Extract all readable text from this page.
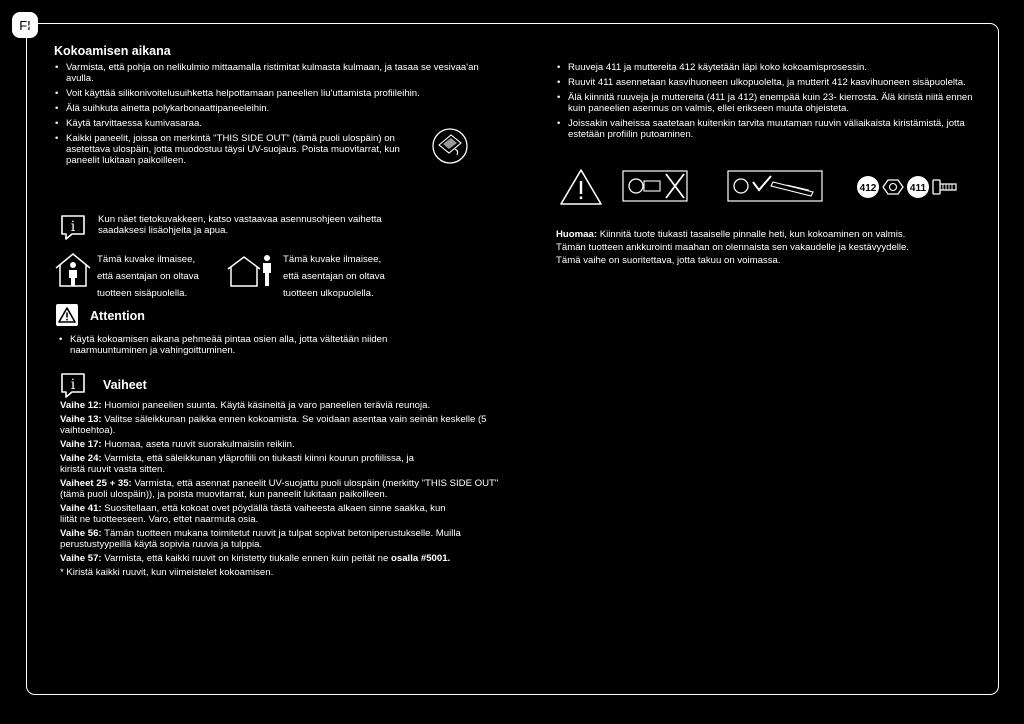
FI
Kokoamisen aikana
• Varmista, että pohja on nelikulmio mittaamalla ristimitat kulmasta kulmaan, ja tasaa se vesivaa'an avulla.
• Voit käyttää silikonivoitelusuihketta helpottamaan paneelien liu'uttamista profiileihin.
• Älä suihkuta ainetta polykarbonaattipaneeleihin.
• Käytä tarvittaessa kumivasaraa.
• Kaikki paneelit, joissa on merkintä "THIS SIDE OUT" (tämä puoli ulospäin) on asetettava ulospäin, jotta muodostuu täysi UV-suojaus. Poista muovitarrat, kun paneelit lukitaan paikoilleen.
i Kun näet tietokuvakkeen, katso vastaavaa asennusohjeen vaihetta saadaksesi lisäohjeita ja apua.
Tämä kuvake ilmaisee,
että asentajan on oltava
tuotteen sisäpuolella.
Tämä kuvake ilmaisee,
että asentajan on oltava
tuotteen ulkopuolella.
Attention
• Käytä kokoamisen aikana pehmeää pintaa osien alla, jotta vältetään niiden naarmuuntuminen ja vahingoittuminen.
i Vaiheet
Vaihe 12: Huomioi paneelien suunta. Käytä käsineitä ja varo paneelien teräviä reunoja.
Vaihe 13: Valitse säleikkunan paikka ennen kokoamista. Se voidaan asentaa vain seinän keskelle (5 vaihtoehtoa).
Vaihe 17: Huomaa, aseta ruuvit suorakulmaisiin reikiin.
Vaihe 24: Varmista, että säleikkunan yläprofiili on tiukasti kiinni kourun profiilissa, ja kiristä ruuvit vasta sitten.
Vaiheet 25 + 35: Varmista, että asennat paneelit UV-suojattu puoli ulospäin (merkitty "THIS SIDE OUT" (tämä puoli ulospäin)), ja poista muovitarrat, kun paneelit lukitaan paikoilleen.
Vaihe 41: Suositellaan, että kokoat ovet pöydällä tästä vaiheesta alkaen sinne saakka, kun liität ne tuotteeseen. Varo, ettet naarmuta osia.
Vaihe 56: Tämän tuotteen mukana toimitetut ruuvit ja tulpat sopivat betoniperustukselle. Muilla perustustyypeillä käytä sopivia ruuvia ja tulppia.
Vaihe 57: Varmista, että kaikki ruuvit on kiristetty tiukalle ennen kuin peität ne osalla #5001.
* Kiristä kaikki ruuvit, kun viimeistelet kokoamisen.
• Ruuveja 411 ja muttereita 412 käytetään läpi koko kokoamisprosessin.
• Ruuvit 411 asennetaan kasvihuoneen ulkopuolelta, ja mutterit 412 kasvihuoneen sisäpuolelta.
• Älä kiinnitä ruuveja ja muttereita (411 ja 412) enempää kuin 23- kierrosta. Älä kiristä niitä ennen kuin paneelien asennus on valmis, ellei erikseen muuta ohjeisteta.
• Joissakin vaiheissa saatetaan kuitenkin tarvita muutaman ruuvin väliaikaista kiristämistä, jotta estetään profiilin putoaminen.
412	411
Huomaa: Kiinnitä tuote tiukasti tasaiselle pinnalle heti, kun kokoaminen on valmis.
Tämän tuotteen ankkurointi maahan on olennaista sen vakaudelle ja kestävyydelle.
Tämä vaihe on suoritettava, jotta takuu on voimassa.
